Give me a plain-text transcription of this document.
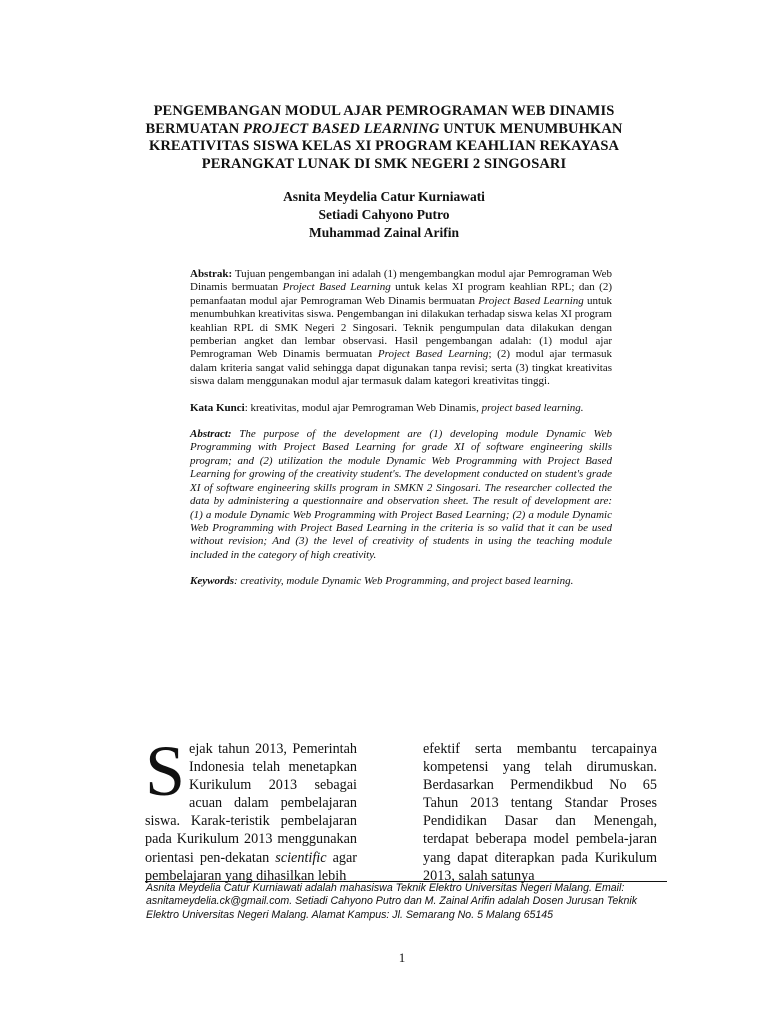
PENGEMBANGAN MODUL AJAR PEMROGRAMAN WEB DINAMIS
BERMUATAN PROJECT BASED LEARNING UNTUK MENUMBUHKAN
KREATIVITAS SISWA KELAS XI PROGRAM KEAHLIAN REKAYASA
PERANGKAT LUNAK DI SMK NEGERI 2 SINGOSARI
Asnita Meydelia Catur Kurniawati
Setiadi Cahyono Putro
Muhammad Zainal Arifin

Abstrak: Tujuan pengembangan ini adalah (1) mengembangkan modul ajar Pemrograman Web Dinamis bermuatan Project Based Learning untuk kelas XI program keahlian RPL; dan (2) pemanfaatan modul ajar Pemrograman Web Dinamis bermuatan Project Based Learning untuk menumbuhkan kreativitas siswa. Pengembangan ini dilakukan terhadap siswa kelas XI program keahlian RPL di SMK Negeri 2 Singosari. Teknik pengumpulan data dilakukan dengan pemberian angket dan lembar observasi. Hasil pengembangan adalah: (1) modul ajar Pemrograman Web Dinamis bermuatan Project Based Learning; (2) modul ajar termasuk dalam kriteria sangat valid sehingga dapat digunakan tanpa revisi; serta (3) tingkat kreativitas siswa dalam menggunakan modul ajar termasuk dalam kategori kreativitas tinggi.

Kata Kunci: kreativitas, modul ajar Pemrograman Web Dinamis, project based learning.

Abstract: The purpose of the development are (1) developing module Dynamic Web Programming with Project Based Learning for grade XI of software engineering skills program; and (2) utilization the module Dynamic Web Programming with Project Based Learning for growing of the creativity student's. The development conducted on student's grade XI of software engineering skills program in SMKN 2 Singosari. The researcher collected the data by administering a questionnaire and observation sheet. The result of development are: (1) a module Dynamic Web Programming with Project Based Learning; (2) a module Dynamic Web Programming with Project Based Learning in the criteria is so valid that it can be used without revision; And (3) the level of creativity of students in using the teaching module included in the category of high creativity.

Keywords: creativity, module Dynamic Web Programming, and project based learning.

Sejak tahun 2013, Pemerintah Indonesia telah menetapkan Kurikulum 2013 sebagai acuan dalam pembelajaran siswa. Karak-teristik pembelajaran pada Kurikulum 2013 menggunakan orientasi pen-dekatan scientific agar pembelajaran yang dihasilkan lebih
efektif serta membantu tercapainya kompetensi yang telah dirumuskan. Berdasarkan Permendikbud No 65 Tahun 2013 tentang Standar Proses Pendidikan Dasar dan Menengah, terdapat beberapa model pembela-jaran yang dapat diterapkan pada Kurikulum 2013, salah satunya
Asnita Meydelia Catur Kurniawati adalah mahasiswa Teknik Elektro Universitas Negeri Malang. Email: asnitameydelia.ck@gmail.com. Setiadi Cahyono Putro dan M. Zainal Arifin adalah Dosen Jurusan Teknik Elektro Universitas Negeri Malang. Alamat Kampus: Jl. Semarang No. 5 Malang 65145
1
